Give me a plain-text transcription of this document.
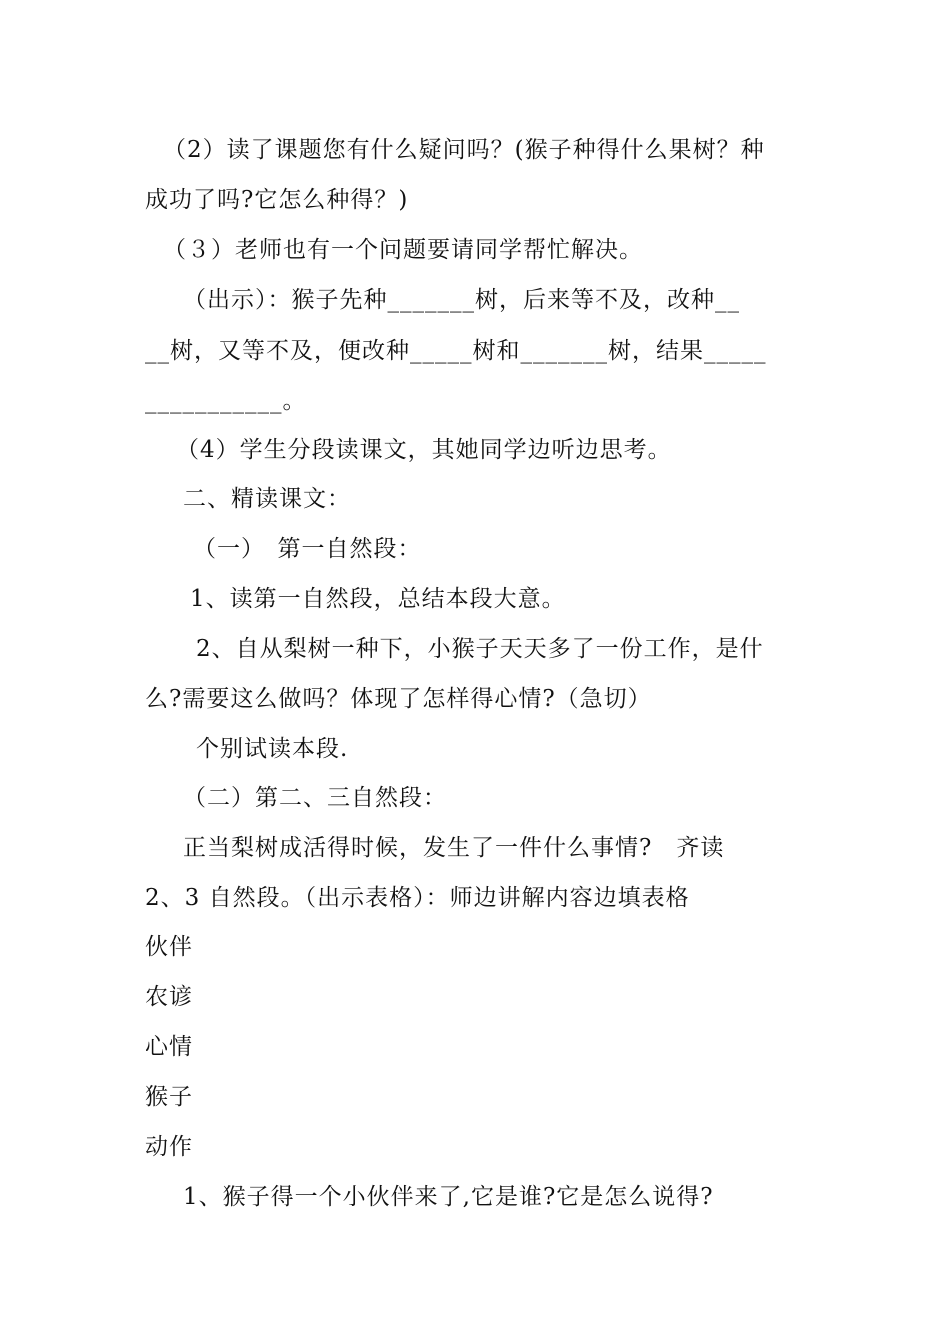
（2）读了课题您有什么疑问吗？(猴子种得什么果树？种
成功了吗?它怎么种得？)
（３）老师也有一个问题要请同学帮忙解决。
（出示）：猴子先种_______树，后来等不及，改种__
__树，又等不及，便改种_____树和_______树，结果_____
___________。
（4）学生分段读课文，其她同学边听边思考。
二、精读课文：
（一）　第一自然段：
1、读第一自然段，总结本段大意。
2、自从梨树一种下，小猴子天天多了一份工作，是什
么?需要这么做吗？体现了怎样得心情?（急切）
个别试读本段.
（二）第二、三自然段：
正当梨树成活得时候，发生了一件什么事情?　齐读
2、3 自然段。（出示表格）：师边讲解内容边填表格
伙伴
农谚
心情
猴子
动作
1、猴子得一个小伙伴来了,它是谁?它是怎么说得?
